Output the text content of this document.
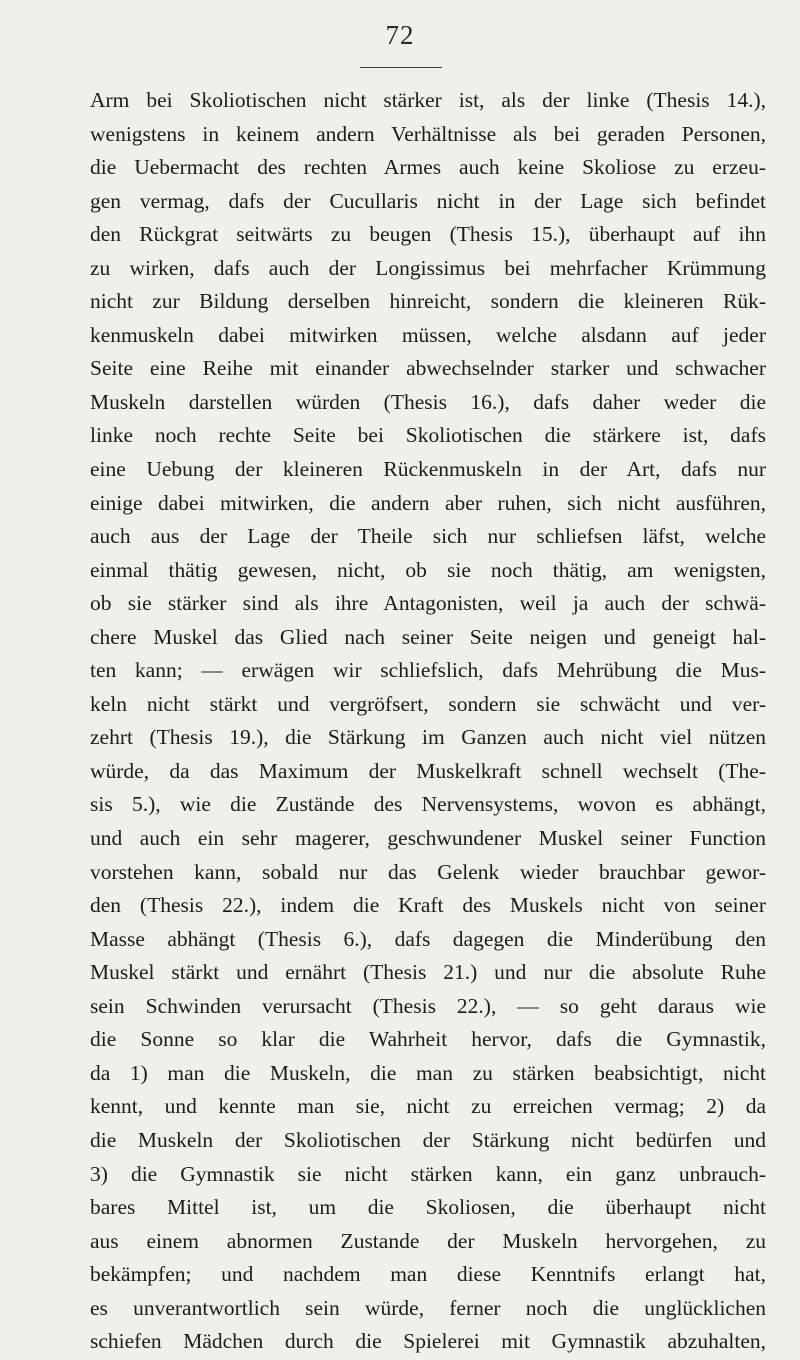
72
Arm bei Skoliotischen nicht stärker ist, als der linke (Thesis 14.),
wenigstens in keinem andern Verhältnisse als bei geraden Personen,
die Uebermacht des rechten Armes auch keine Skoliose zu erzeu-
gen vermag, dafs der Cucullaris nicht in der Lage sich befindet
den Rückgrat seitwärts zu beugen (Thesis 15.), überhaupt auf ihn
zu wirken, dafs auch der Longissimus bei mehrfacher Krümmung
nicht zur Bildung derselben hinreicht, sondern die kleineren Rük-
kenmuskeln dabei mitwirken müssen, welche alsdann auf jeder
Seite eine Reihe mit einander abwechselnder starker und schwacher
Muskeln darstellen würden (Thesis 16.), dafs daher weder die
linke noch rechte Seite bei Skoliotischen die stärkere ist, dafs
eine Uebung der kleineren Rückenmuskeln in der Art, dafs nur
einige dabei mitwirken, die andern aber ruhen, sich nicht ausführen,
auch aus der Lage der Theile sich nur schliefsen läfst, welche
einmal thätig gewesen, nicht, ob sie noch thätig, am wenigsten,
ob sie stärker sind als ihre Antagonisten, weil ja auch der schwä-
chere Muskel das Glied nach seiner Seite neigen und geneigt hal-
ten kann; — erwägen wir schliefslich, dafs Mehrübung die Mus-
keln nicht stärkt und vergröfsert, sondern sie schwächt und ver-
zehrt (Thesis 19.), die Stärkung im Ganzen auch nicht viel nützen
würde, da das Maximum der Muskelkraft schnell wechselt (The-
sis 5.), wie die Zustände des Nervensystems, wovon es abhängt,
und auch ein sehr magerer, geschwundener Muskel seiner Function
vorstehen kann, sobald nur das Gelenk wieder brauchbar gewor-
den (Thesis 22.), indem die Kraft des Muskels nicht von seiner
Masse abhängt (Thesis 6.), dafs dagegen die Minderübung den
Muskel stärkt und ernährt (Thesis 21.) und nur die absolute Ruhe
sein Schwinden verursacht (Thesis 22.), — so geht daraus wie
die Sonne so klar die Wahrheit hervor, dafs die Gymnastik,
da 1) man die Muskeln, die man zu stärken beabsichtigt, nicht
kennt, und kennte man sie, nicht zu erreichen vermag; 2) da
die Muskeln der Skoliotischen der Stärkung nicht bedürfen und
3) die Gymnastik sie nicht stärken kann, ein ganz unbrauch-
bares Mittel ist, um die Skoliosen, die überhaupt nicht
aus einem abnormen Zustande der Muskeln hervorgehen, zu
bekämpfen; und nachdem man diese Kenntnifs erlangt hat,
es unverantwortlich sein würde, ferner noch die unglücklichen
schiefen Mädchen durch die Spielerei mit Gymnastik abzuhalten,
